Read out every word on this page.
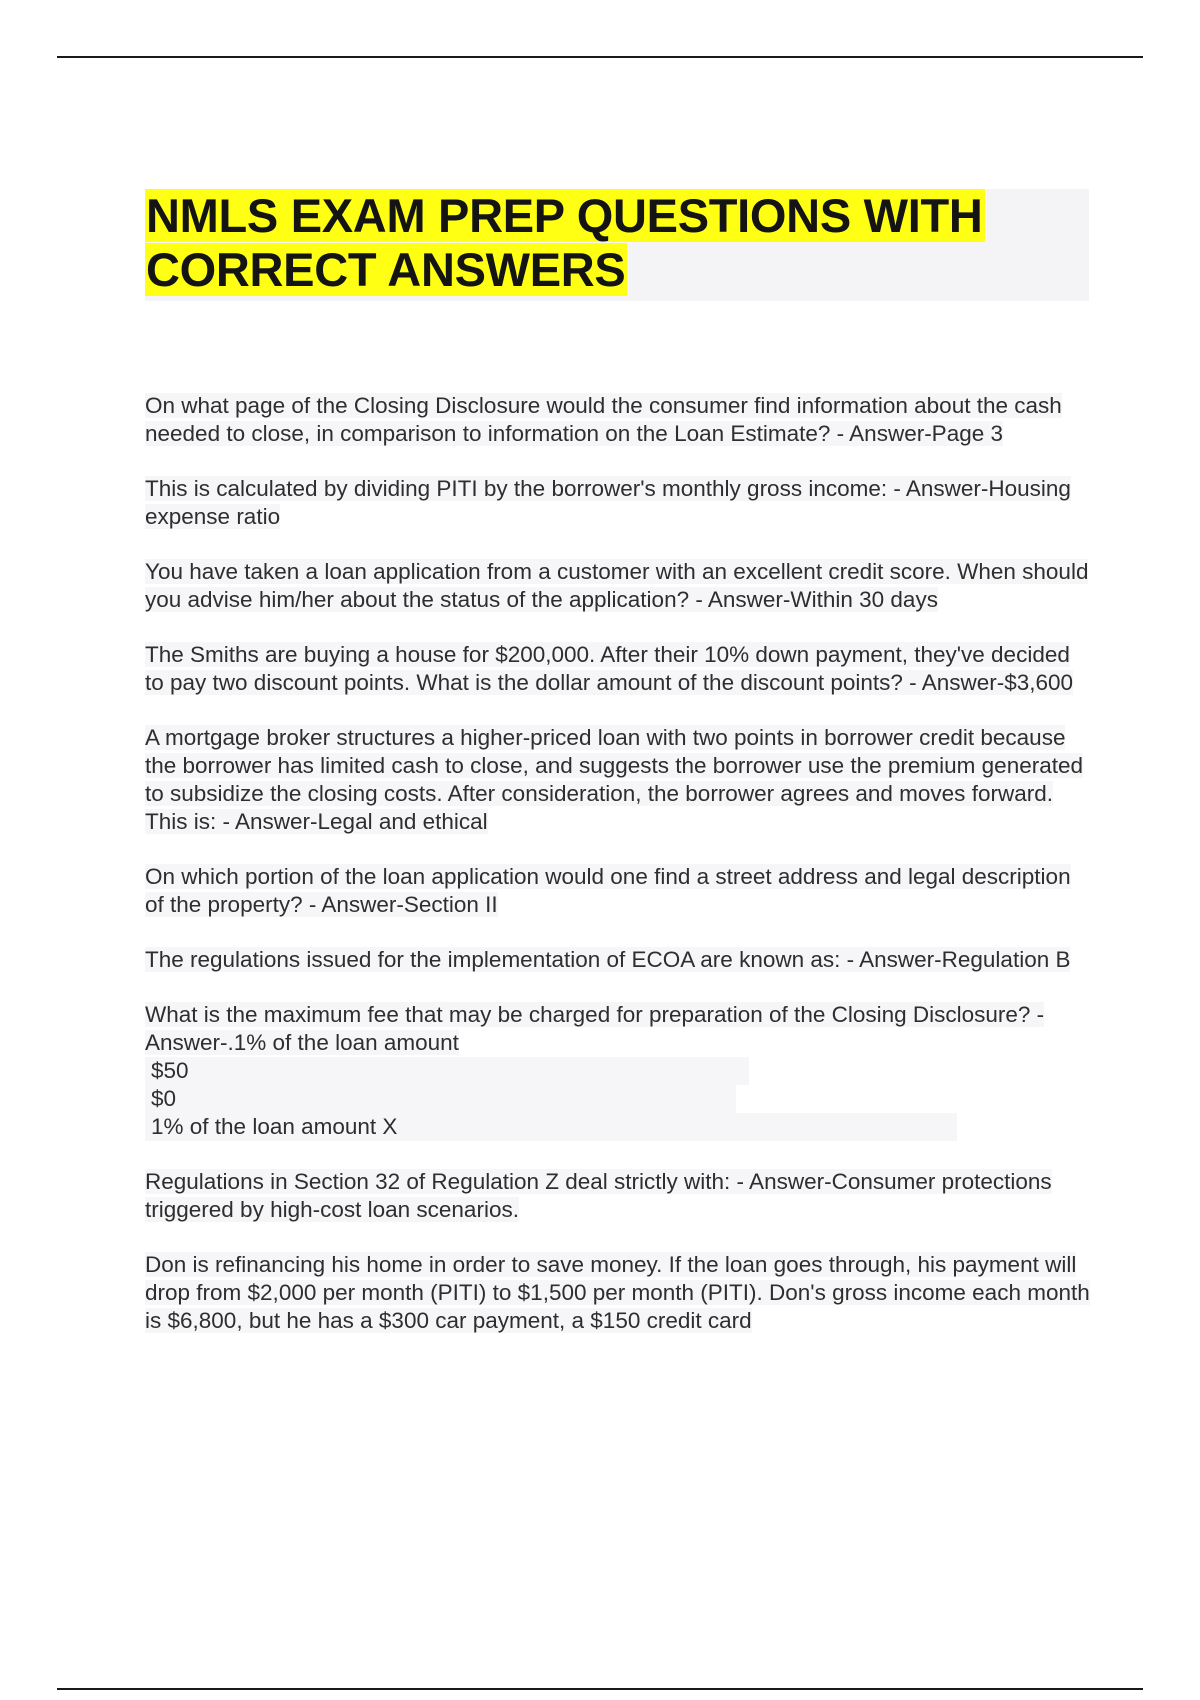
NMLS EXAM PREP QUESTIONS WITH
CORRECT ANSWERS

On what page of the Closing Disclosure would the consumer find information about the cash needed to close, in comparison to information on the Loan Estimate? - Answer-Page 3

This is calculated by dividing PITI by the borrower's monthly gross income: - Answer-Housing expense ratio

You have taken a loan application from a customer with an excellent credit score. When should you advise him/her about the status of the application? - Answer-Within 30 days

The Smiths are buying a house for $200,000. After their 10% down payment, they've decided to pay two discount points. What is the dollar amount of the discount points? - Answer-$3,600

A mortgage broker structures a higher-priced loan with two points in borrower credit because the borrower has limited cash to close, and suggests the borrower use the premium generated to subsidize the closing costs. After consideration, the borrower agrees and moves forward. This is: - Answer-Legal and ethical

On which portion of the loan application would one find a street address and legal description of the property? - Answer-Section II

The regulations issued for the implementation of ECOA are known as: - Answer-Regulation B

What is the maximum fee that may be charged for preparation of the Closing Disclosure? - Answer-.1% of the loan amount
$50
$0
1% of the loan amount X

Regulations in Section 32 of Regulation Z deal strictly with: - Answer-Consumer protections triggered by high-cost loan scenarios.

Don is refinancing his home in order to save money. If the loan goes through, his payment will drop from $2,000 per month (PITI) to $1,500 per month (PITI). Don's gross income each month is $6,800, but he has a $300 car payment, a $150 credit card
